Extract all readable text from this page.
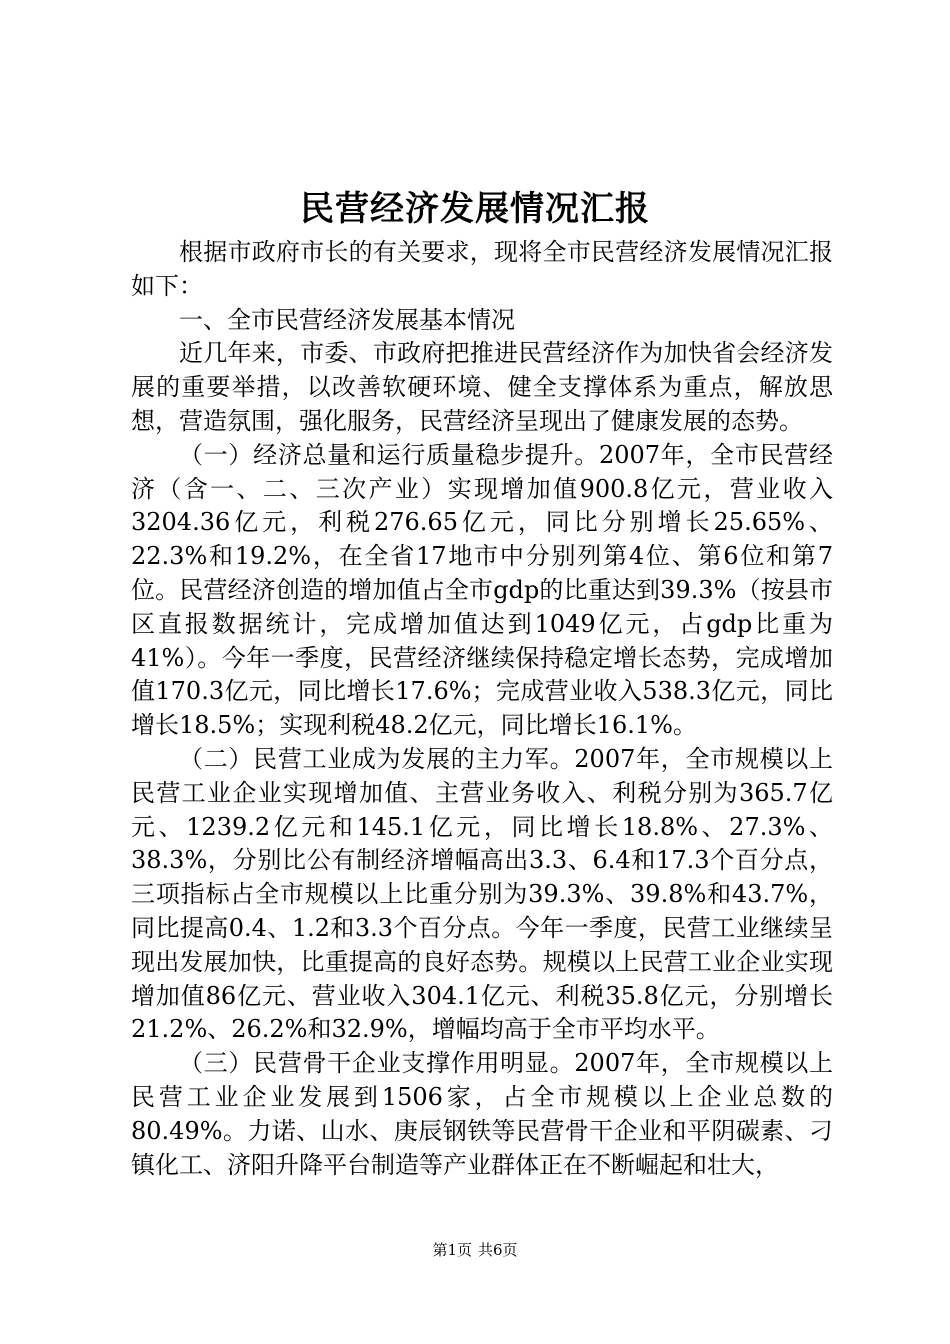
民营经济发展情况汇报

根据市政府市长的有关要求，现将全市民营经济发展情况汇报如下：

一、全市民营经济发展基本情况

近几年来，市委、市政府把推进民营经济作为加快省会经济发展的重要举措，以改善软硬环境、健全支撑体系为重点，解放思想，营造氛围，强化服务，民营经济呈现出了健康发展的态势。

（一）经济总量和运行质量稳步提升。2007年，全市民营经济（含一、二、三次产业）实现增加值900.8亿元，营业收入3204.36亿元，利税276.65亿元，同比分别增长25.65%、22.3%和19.2%，在全省17地市中分别列第4位、第6位和第7位。民营经济创造的增加值占全市gdp的比重达到39.3%（按县市区直报数据统计，完成增加值达到1049亿元，占gdp比重为41%）。今年一季度，民营经济继续保持稳定增长态势，完成增加值170.3亿元，同比增长17.6%；完成营业收入538.3亿元，同比增长18.5%；实现利税48.2亿元，同比增长16.1%。

（二）民营工业成为发展的主力军。2007年，全市规模以上民营工业企业实现增加值、主营业务收入、利税分别为365.7亿元、1239.2亿元和145.1亿元，同比增长18.8%、27.3%、38.3%，分别比公有制经济增幅高出3.3、6.4和17.3个百分点，三项指标占全市规模以上比重分别为39.3%、39.8%和43.7%，同比提高0.4、1.2和3.3个百分点。今年一季度，民营工业继续呈现出发展加快，比重提高的良好态势。规模以上民营工业企业实现增加值86亿元、营业收入304.1亿元、利税35.8亿元，分别增长21.2%、26.2%和32.9%，增幅均高于全市平均水平。

（三）民营骨干企业支撑作用明显。2007年，全市规模以上民营工业企业发展到1506家，占全市规模以上企业总数的80.49%。力诺、山水、庚辰钢铁等民营骨干企业和平阴碳素、刁镇化工、济阳升降平台制造等产业群体正在不断崛起和壮大，

第1页 共6页
